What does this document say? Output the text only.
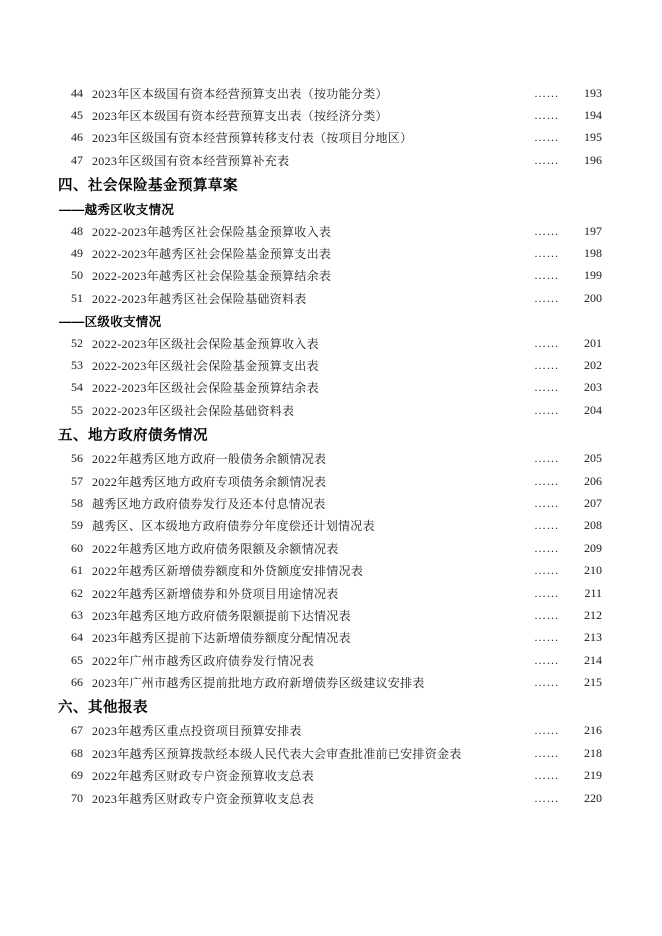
44 2023年区本级国有资本经营预算支出表（按功能分类）	……	193
45 2023年区本级国有资本经营预算支出表（按经济分类）	……	194
46 2023年区级国有资本经营预算转移支付表（按项目分地区）	……	195
47 2023年区级国有资本经营预算补充表	……	196
四、社会保险基金预算草案
——越秀区收支情况
48 2022-2023年越秀区社会保险基金预算收入表	……	197
49 2022-2023年越秀区社会保险基金预算支出表	……	198
50 2022-2023年越秀区社会保险基金预算结余表	……	199
51 2022-2023年越秀区社会保险基础资料表	……	200
——区级收支情况
52 2022-2023年区级社会保险基金预算收入表	……	201
53 2022-2023年区级社会保险基金预算支出表	……	202
54 2022-2023年区级社会保险基金预算结余表	……	203
55 2022-2023年区级社会保险基础资料表	……	204
五、地方政府债务情况
56 2022年越秀区地方政府一般债务余额情况表	……	205
57 2022年越秀区地方政府专项债务余额情况表	……	206
58 越秀区地方政府债券发行及还本付息情况表	……	207
59 越秀区、区本级地方政府债券分年度偿还计划情况表	……	208
60 2022年越秀区地方政府债务限额及余额情况表	……	209
61 2022年越秀区新增债券额度和外贷额度安排情况表	……	210
62 2022年越秀区新增债券和外贷项目用途情况表	……	211
63 2023年越秀区地方政府债务限额提前下达情况表	……	212
64 2023年越秀区提前下达新增债券额度分配情况表	……	213
65 2022年广州市越秀区政府债券发行情况表	……	214
66 2023年广州市越秀区提前批地方政府新增债券区级建议安排表	……	215
六、其他报表
67 2023年越秀区重点投资项目预算安排表	……	216
68 2023年越秀区预算拨款经本级人民代表大会审查批准前已安排资金表	……	218
69 2022年越秀区财政专户资金预算收支总表	……	219
70 2023年越秀区财政专户资金预算收支总表	……	220
